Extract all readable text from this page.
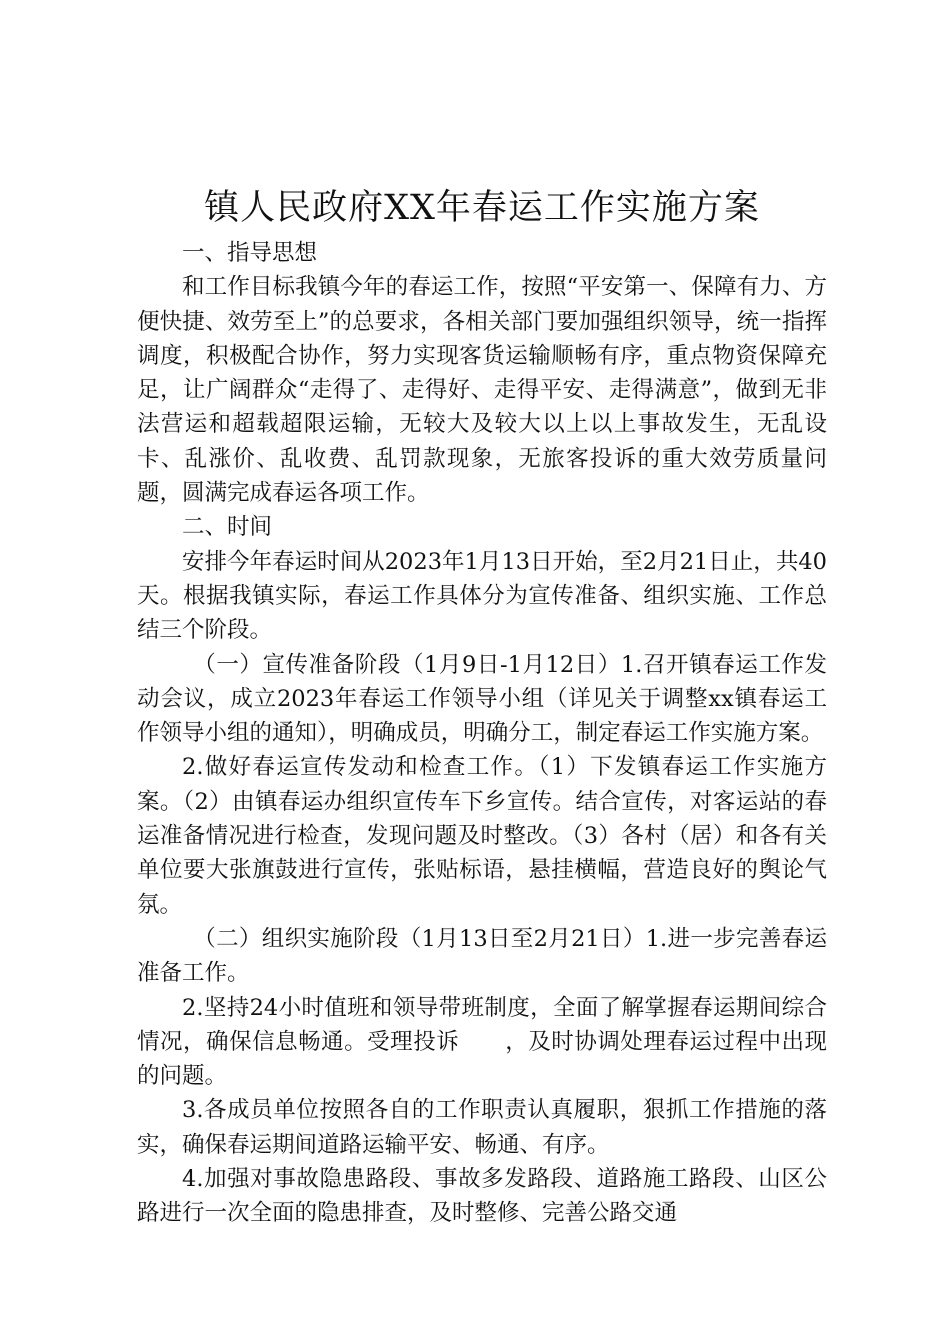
镇人民政府XX年春运工作实施方案

一、指导思想

和工作目标我镇今年的春运工作，按照“平安第一、保障有力、方便快捷、效劳至上”的总要求，各相关部门要加强组织领导，统一指挥调度，积极配合协作，努力实现客货运输顺畅有序，重点物资保障充足，让广阔群众“走得了、走得好、走得平安、走得满意”，做到无非法营运和超载超限运输，无较大及较大以上以上事故发生，无乱设卡、乱涨价、乱收费、乱罚款现象，无旅客投诉的重大效劳质量问题，圆满完成春运各项工作。

二、时间

安排今年春运时间从2023年1月13日开始，至2月21日止，共40天。根据我镇实际，春运工作具体分为宣传准备、组织实施、工作总结三个阶段。

（一）宣传准备阶段（1月9日-1月12日）1.召开镇春运工作发动会议，成立2023年春运工作领导小组（详见关于调整xx镇春运工作领导小组的通知），明确成员，明确分工，制定春运工作实施方案。

2.做好春运宣传发动和检查工作。（1）下发镇春运工作实施方案。（2）由镇春运办组织宣传车下乡宣传。结合宣传，对客运站的春运准备情况进行检查，发现问题及时整改。（3）各村（居）和各有关单位要大张旗鼓进行宣传，张贴标语，悬挂横幅，营造良好的舆论气氛。

（二）组织实施阶段（1月13日至2月21日）1.进一步完善春运准备工作。

2.坚持24小时值班和领导带班制度，全面了解掌握春运期间综合情况，确保信息畅通。受理投诉　　，及时协调处理春运过程中出现的问题。

3.各成员单位按照各自的工作职责认真履职，狠抓工作措施的落实，确保春运期间道路运输平安、畅通、有序。

4.加强对事故隐患路段、事故多发路段、道路施工路段、山区公路进行一次全面的隐患排查，及时整修、完善公路交通
